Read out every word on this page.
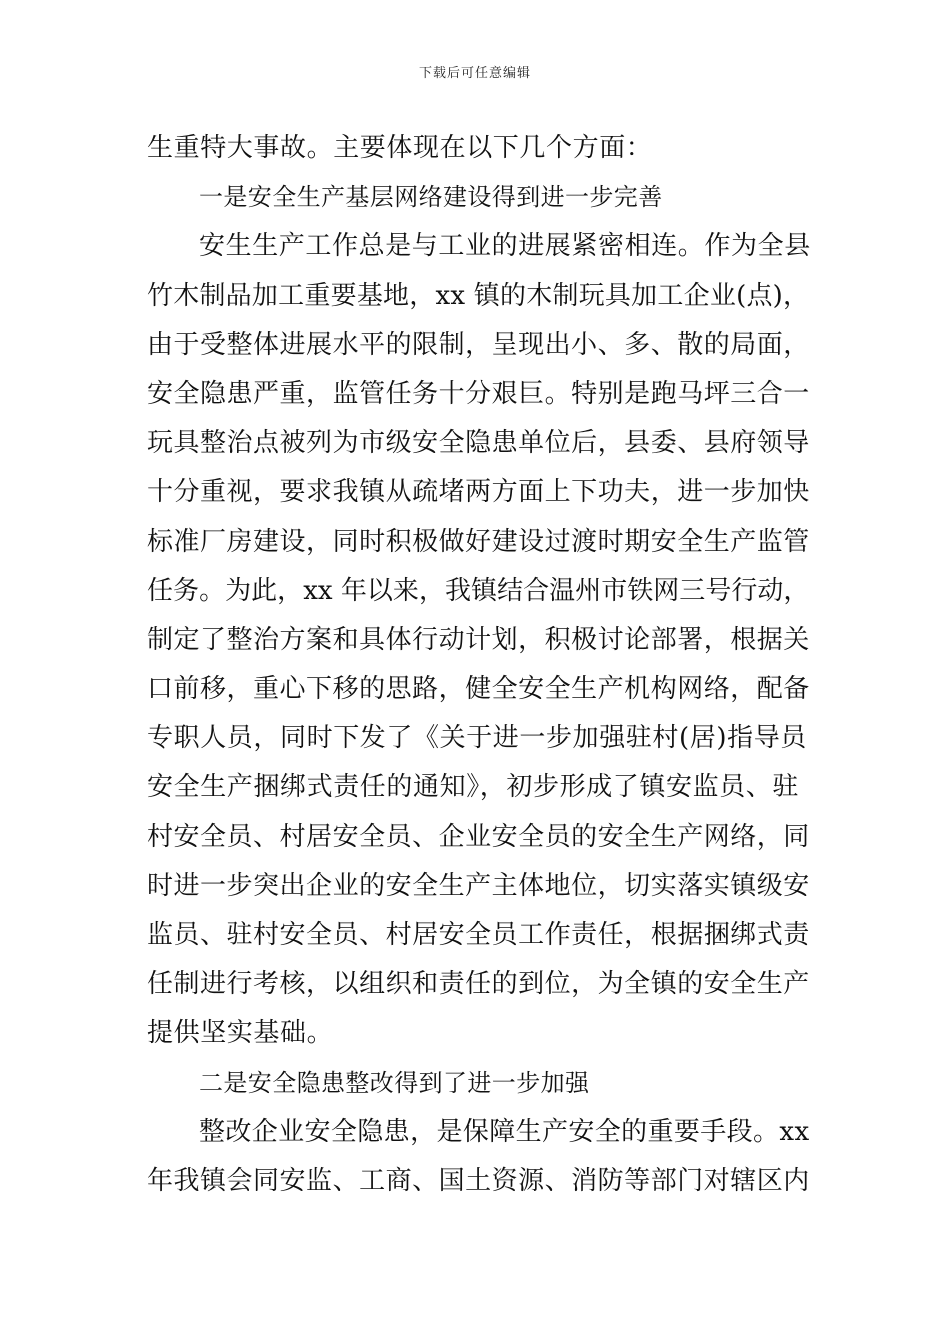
下载后可任意编辑
生重特大事故。主要体现在以下几个方面：
一是安全生产基层网络建设得到进一步完善
安生生产工作总是与工业的进展紧密相连。作为全县
竹木制品加工重要基地，xx 镇的木制玩具加工企业(点)，
由于受整体进展水平的限制，呈现出小、多、散的局面，
安全隐患严重，监管任务十分艰巨。特别是跑马坪三合一
玩具整治点被列为市级安全隐患单位后，县委、县府领导
十分重视，要求我镇从疏堵两方面上下功夫，进一步加快
标准厂房建设，同时积极做好建设过渡时期安全生产监管
任务。为此，xx 年以来，我镇结合温州市铁网三号行动，
制定了整治方案和具体行动计划，积极讨论部署，根据关
口前移，重心下移的思路，健全安全生产机构网络，配备
专职人员，同时下发了《关于进一步加强驻村(居)指导员
安全生产捆绑式责任的通知》，初步形成了镇安监员、驻
村安全员、村居安全员、企业安全员的安全生产网络，同
时进一步突出企业的安全生产主体地位，切实落实镇级安
监员、驻村安全员、村居安全员工作责任，根据捆绑式责
任制进行考核，以组织和责任的到位，为全镇的安全生产
提供坚实基础。
二是安全隐患整改得到了进一步加强
整改企业安全隐患，是保障生产安全的重要手段。xx
年我镇会同安监、工商、国土资源、消防等部门对辖区内
